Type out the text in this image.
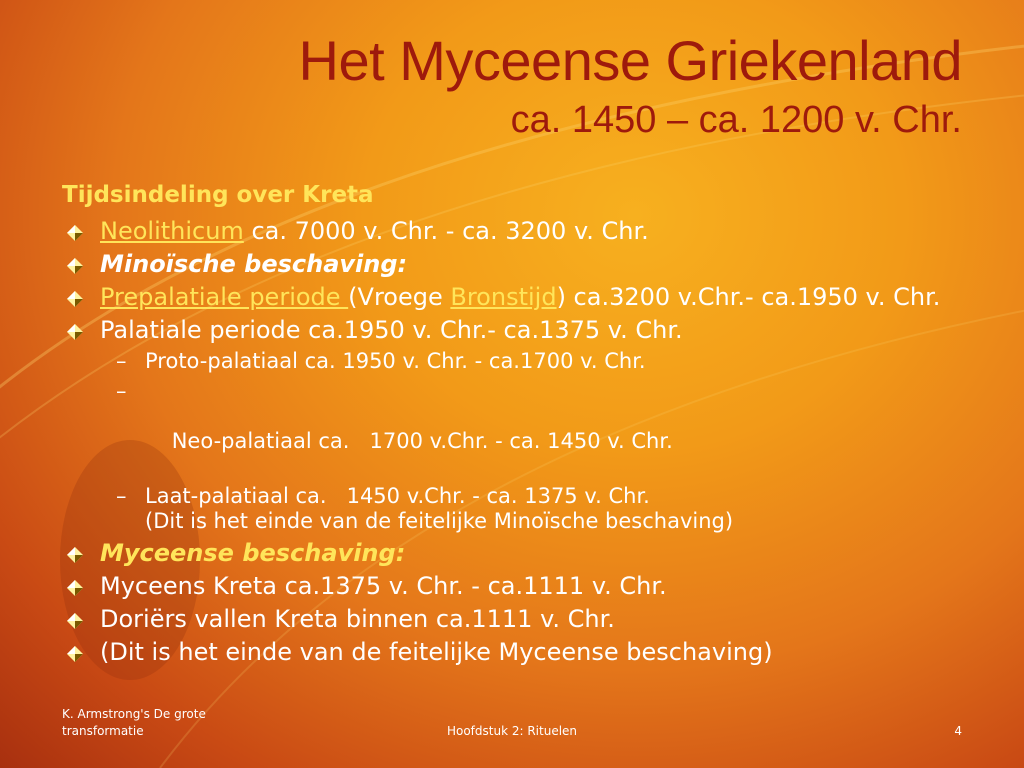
Het Myceense Griekenland
ca. 1450 – ca. 1200 v. Chr.
Tijdsindeling over Kreta
Neolithicum ca. 7000 v. Chr. - ca. 3200 v. Chr.
Minoïsche beschaving:
Prepalatiale periode (Vroege Bronstijd) ca.3200 v.Chr.- ca.1950 v. Chr.
Palatiale periode ca.1950 v. Chr.- ca.1375 v. Chr.
– Proto-palatiaal ca. 1950 v. Chr. - ca.1700 v. Chr.

–

Neo-palatiaal ca.   1700 v.Chr. - ca. 1450 v. Chr.

– Laat-palatiaal ca.   1450 v.Chr. - ca. 1375 v. Chr.
(Dit is het einde van de feitelijke Minoïsche beschaving)
Myceense beschaving:
Myceens Kreta ca.1375 v. Chr. - ca.1111 v. Chr.
Doriërs vallen Kreta binnen ca.1111 v. Chr.
(Dit is het einde van de feitelijke Myceense beschaving)
K. Armstrong's De grote transformatie	Hoofdstuk 2: Rituelen	4
